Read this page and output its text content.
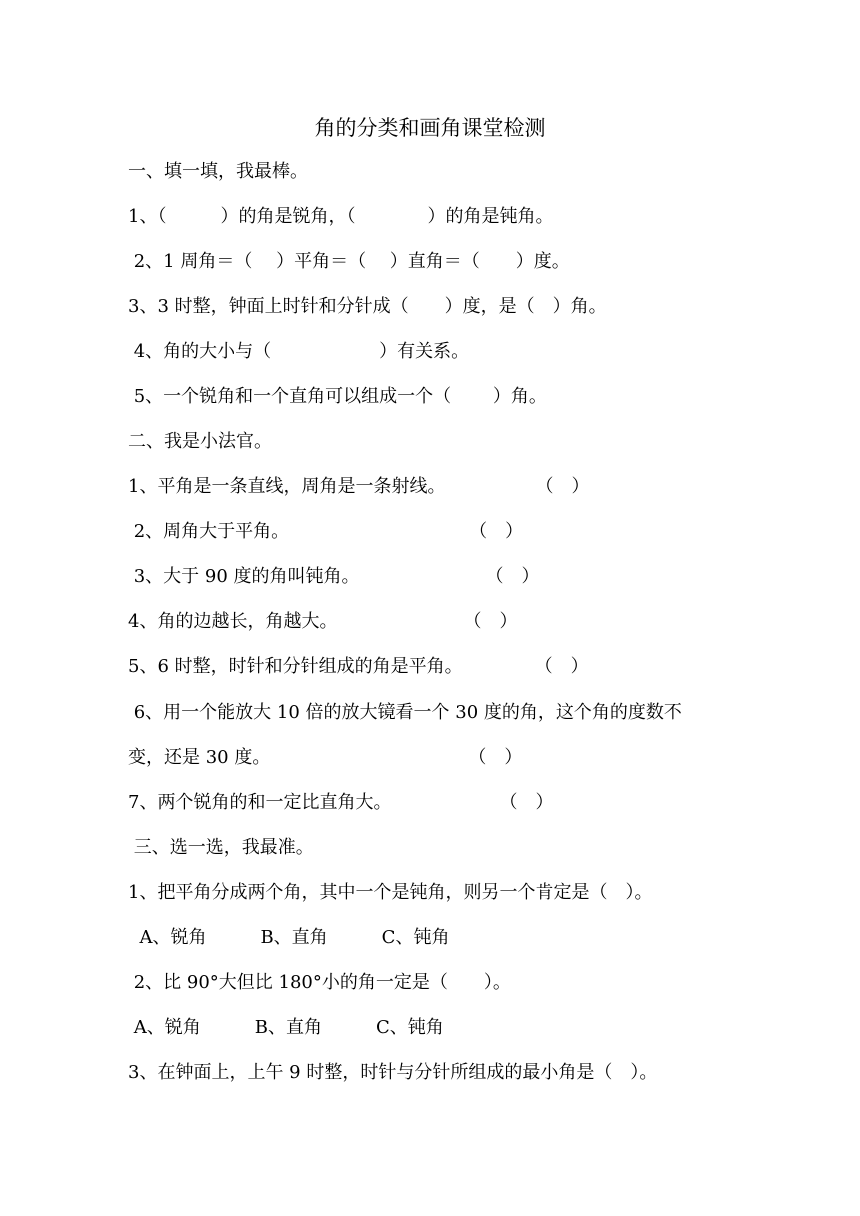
角的分类和画角课堂检测
一、填一填，我最棒。
1、（　　　）的角是锐角，（　　　　）的角是钝角。
2、1 周角＝（　 ）平角＝（　 ）直角＝（　　）度。
3、3 时整，钟面上时针和分针成（　　）度，是（　）角。
4、角的大小与（　　　　　　）有关系。
5、一个锐角和一个直角可以组成一个（　　 ）角。
二、我是小法官。
1、平角是一条直线，周角是一条射线。　　　　　　（　）
2、周角大于平角。　　　　　　　　　　　（　）
3、大于 90 度的角叫钝角。　　　　　　　　（　）
4、角的边越长，角越大。　　　　　　　　（　）
5、6 时整，时针和分针组成的角是平角。　　　　　（　）
6、用一个能放大 10 倍的放大镜看一个 30 度的角，这个角的度数不
变，还是 30 度。　　　　　　　　　　　　（　）
7、两个锐角的和一定比直角大。　　　　　　　（　）
三、选一选，我最准。
1、把平角分成两个角，其中一个是钝角，则另一个肯定是（　）。
A、锐角　　　B、直角　　　C、钝角
2、比 90°大但比 180°小的角一定是（　　）。
A、锐角　　　B、直角　　　C、钝角
3、在钟面上，上午 9 时整，时针与分针所组成的最小角是（　）。
